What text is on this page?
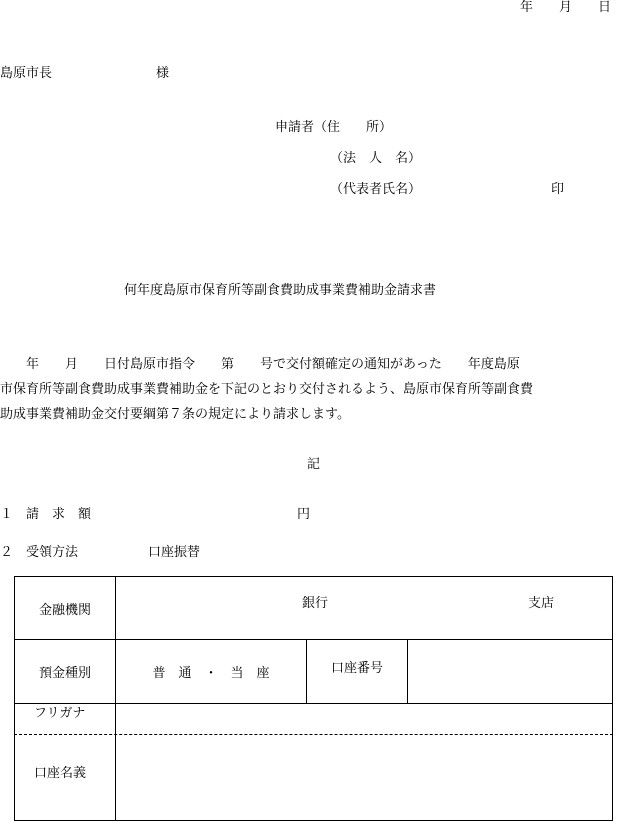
年　　月　　日
島原市長　　　　　　　　様
申請者（住　　所）
（法　人　名）
（代表者氏名）	印
何年度島原市保育所等副食費助成事業費補助金請求書
　　年　　月　　日付島原市指令　　第　　号で交付額確定の通知があった　　年度島原
市保育所等副食費助成事業費補助金を下記のとおり交付されるよう、島原市保育所等副食費
助成事業費補助金交付要綱第７条の規定により請求します。
記
１　請　求　額	円
２　受領方法	口座振替
金融機関	銀行	支店
預金種別	普　通　・　当　座	口座番号
フリガナ
口座名義
